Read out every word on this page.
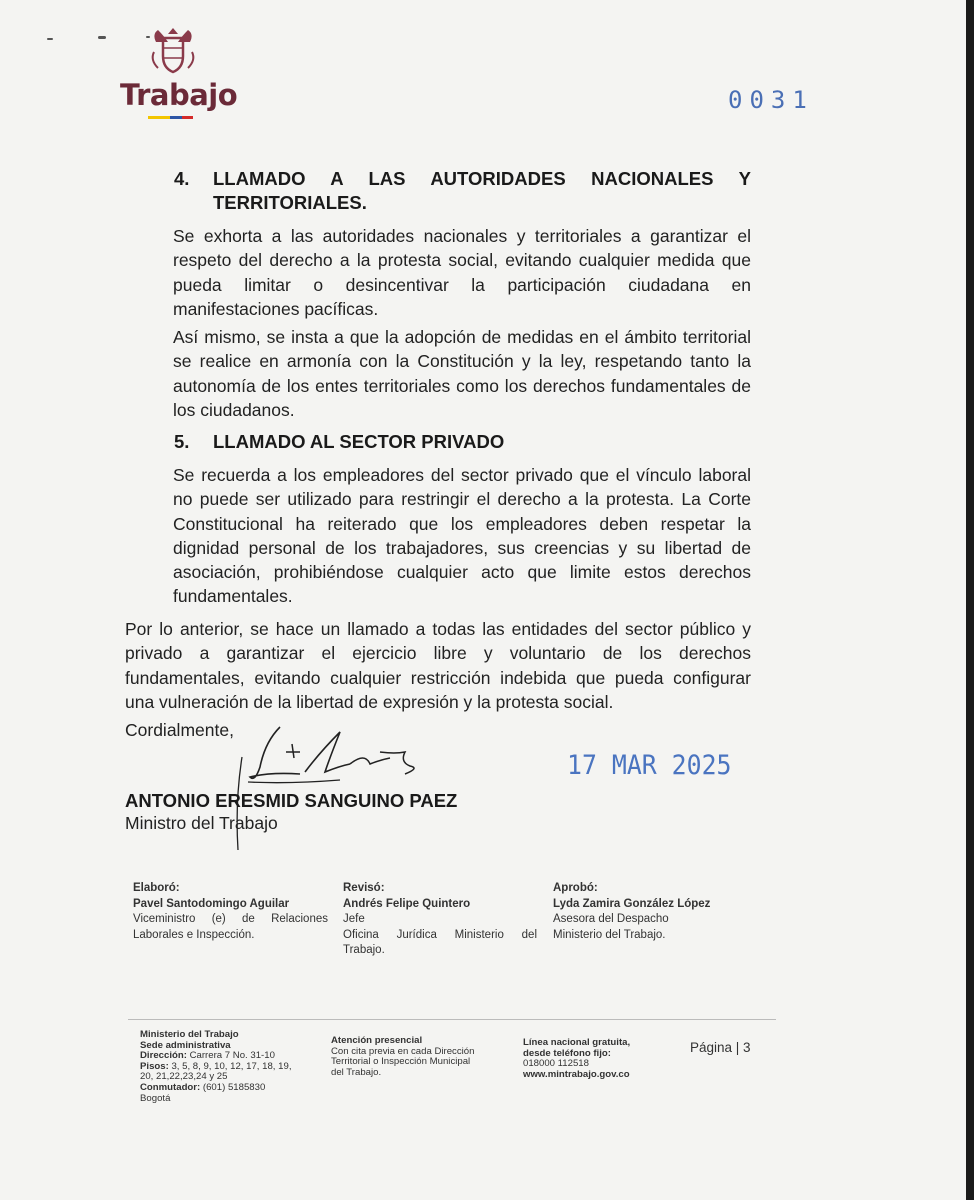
Trabajo	0031
4. LLAMADO A LAS AUTORIDADES NACIONALES Y
TERRITORIALES.

Se exhorta a las autoridades nacionales y territoriales a garantizar el respeto del derecho a la protesta social, evitando cualquier medida que pueda limitar o desincentivar la participación ciudadana en manifestaciones pacíficas.

Así mismo, se insta a que la adopción de medidas en el ámbito territorial se realice en armonía con la Constitución y la ley, respetando tanto la autonomía de los entes territoriales como los derechos fundamentales de los ciudadanos.

5. LLAMADO AL SECTOR PRIVADO

Se recuerda a los empleadores del sector privado que el vínculo laboral no puede ser utilizado para restringir el derecho a la protesta. La Corte Constitucional ha reiterado que los empleadores deben respetar la dignidad personal de los trabajadores, sus creencias y su libertad de asociación, prohibiéndose cualquier acto que limite estos derechos fundamentales.

Por lo anterior, se hace un llamado a todas las entidades del sector público y privado a garantizar el ejercicio libre y voluntario de los derechos fundamentales, evitando cualquier restricción indebida que pueda configurar una vulneración de la libertad de expresión y la protesta social.

Cordialmente,
17 MAR 2025
ANTONIO ERESMID SANGUINO PAEZ
Ministro del Trabajo
Elaboró:
Pavel Santodomingo Aguilar
Viceministro (e) de Relaciones Laborales e Inspección.
Revisó:
Andrés Felipe Quintero
Jefe
Oficina Jurídica Ministerio del Trabajo.
Aprobó:
Lyda Zamira González López
Asesora del Despacho
Ministerio del Trabajo.
Ministerio del Trabajo
Sede administrativa
Dirección: Carrera 7 No. 31-10
Pisos: 3, 5, 8, 9, 10, 12, 17, 18, 19,
20, 21,22,23,24 y 25
Conmutador: (601) 5185830
Bogotá
Atención presencial
Con cita previa en cada Dirección
Territorial o Inspección Municipal
del Trabajo.
Línea nacional gratuita,
desde teléfono fijo:
018000 112518
www.mintrabajo.gov.co
Página | 3
